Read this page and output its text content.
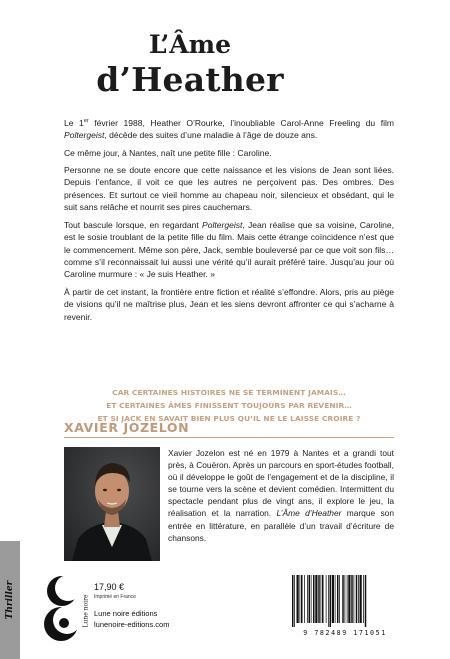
L’Âme
d’Heather

Le 1er février 1988, Heather O’Rourke, l’inoubliable Carol-Anne Freeling du film Poltergeist, décède des suites d’une maladie à l’âge de douze ans.

Ce même jour, à Nantes, naît une petite fille : Caroline.

Personne ne se doute encore que cette naissance et les visions de Jean sont liées. Depuis l’enfance, il voit ce que les autres ne perçoivent pas. Des ombres. Des présences. Et surtout ce vieil homme au chapeau noir, silencieux et obsédant, qui le suit sans relâche et nourrit ses pires cauchemars.

Tout bascule lorsque, en regardant Poltergeist, Jean réalise que sa voisine, Caroline, est le sosie troublant de la petite fille du film. Mais cette étrange coïncidence n’est que le commencement. Même son père, Jack, semble bouleversé par ce que voit son fils… comme s’il reconnaissait lui aussi une vérité qu’il aurait préféré taire. Jusqu’au jour où Caroline murmure : « Je suis Heather. »

À partir de cet instant, la frontière entre fiction et réalité s’effondre. Alors, pris au piège de visions qu’il ne maîtrise plus, Jean et les siens devront affronter ce qui s’acharne à revenir.

CAR CERTAINES HISTOIRES NE SE TERMINENT JAMAIS…
ET CERTAINES ÂMES FINISSENT TOUJOURS PAR REVENIR…
ET SI JACK EN SAVAIT BIEN PLUS QU’IL NE LE LAISSE CROIRE ?
XAVIER JOZELON
Xavier Jozelon est né en 1979 à Nantes et a grandi tout près, à Couëron. Après un parcours en sport-études football, où il développe le goût de l’engagement et de la discipline, il se tourne vers la scène et devient comédien. Intermittent du spectacle pendant plus de vingt ans, il explore le jeu, la réalisation et la narration. L’Âme d’Heather marque son entrée en littérature, en parallèle d’un travail d’écriture de chansons.
Thriller	Lune noire
17,90 €
Imprimé en France
Lune noire éditions
lunenoire-editions.com
9 782489 171051
